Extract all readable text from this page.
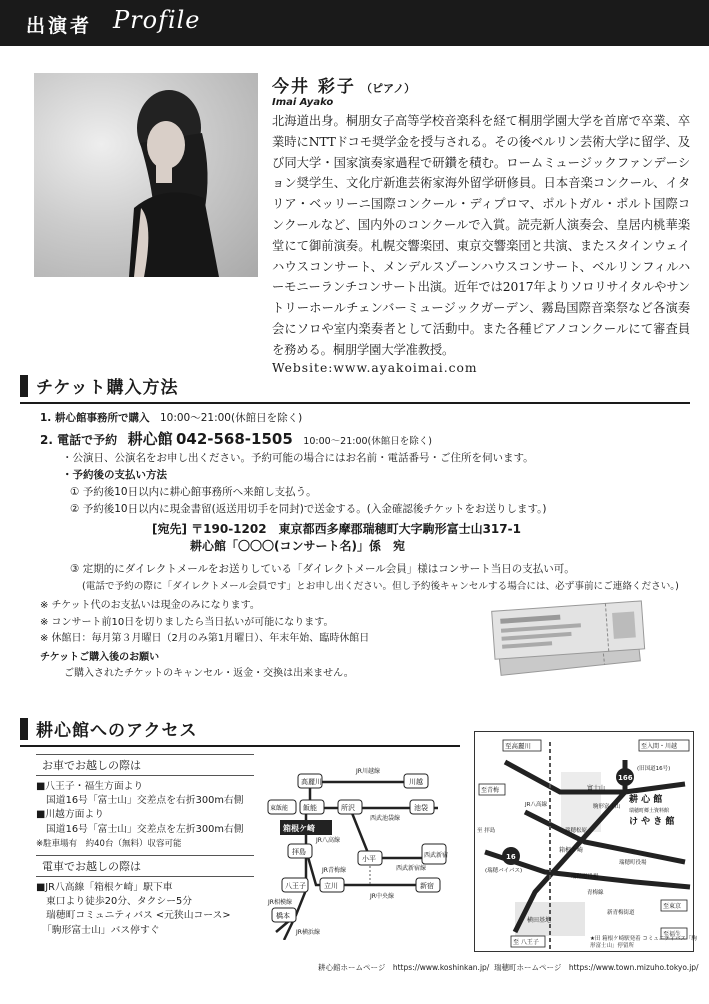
出演者 Profile
今井 彩子 （ピアノ）
Imai Ayako
北海道出身。桐朋女子高等学校音楽科を経て桐朋学園大学を首席で卒業、卒業時にNTTドコモ奨学金を授与される。その後ベルリン芸術大学に留学、及び同大学・国家演奏家過程で研鑽を積む。ロームミュージックファンデーション奨学生、文化庁新進芸術家海外留学研修員。日本音楽コンクール、イタリア・ベッリーニ国際コンクール・ディプロマ、ポルトガル・ポルト国際コンクールなど、国内外のコンクールで入賞。読売新人演奏会、皇居内桃華楽堂にて御前演奏。札幌交響楽団、東京交響楽団と共演、またスタインウェイハウスコンサート、メンデルスゾーンハウスコンサート、ベルリンフィルハーモニーランチコンサート出演。近年では2017年よりソロリサイタルやサントリーホールチェンバーミュージックガーデン、霧島国際音楽祭など各演奏会にソロや室内楽奏者として活動中。また各種ピアノコンクールにて審査員を務める。桐朋学園大学准教授。
Website:www.ayakoimai.com
チケット購入方法
1. 耕心館事務所で購入　 10:00～21:00(休館日を除く)
2. 電話で予約　 耕心館 042-568-1505　 10:00～21:00(休館日を除く)
・公演日、公演名をお申し出ください。予約可能の場合にはお名前・電話番号・ご住所を伺います。
・予約後の支払い方法
① 予約後10日以内に耕心館事務所へ来館し支払う。
② 予約後10日以内に現金書留(返送用切手を同封)で送金する。(入金確認後チケットをお送りします。)
[宛先] 〒190-1202　東京都西多摩郡瑞穂町大字駒形富士山317-1
耕心館「〇〇〇(コンサート名)」係　宛
③ 定期的にダイレクトメールをお送りしている「ダイレクトメール会員」様はコンサート当日の支払い可。
(電話で予約の際に「ダイレクトメール会員です」とお申し出ください。但し予約後キャンセルする場合には、必ず事前にご連絡ください。)
※ チケット代のお支払いは現金のみになります。
※ コンサート前10日を切りましたら当日払いが可能になります。
※ 休館日：毎月第３月曜日（2月のみ第1月曜日）、年末年始、臨時休館日
チケットご購入後のお願い
ご購入されたチケットのキャンセル・返金・交換は出来ません。
耕心館へのアクセス
お車でお越しの際は
■八王子・福生方面より
国道16号「富士山」交差点を右折300m右側
■川越方面より
国道16号「富士山」交差点を左折300m右側
※駐車場有　約40台（無料）収容可能
電車でお越しの際は
■JR八高線「箱根ケ崎」駅下車
東口より徒歩20分、タクシー5分
瑞穂町コミュニティバス <元狭山コース>
「駒形富士山」バス停すぐ
高麗川	川越
東飯能 飯能	所沢	池袋
箱根ケ崎
拝島
小平	西武新宿
八王子	立川	新宿
橋本
JR川越線
JR八高線
西武池袋線
西武新宿線
JR青梅線
JR中央線
JR横浜線
JR相模線
至高麗川	至入間・川越
至青梅
至東京
至福生
至 八王子
至 拝島
166
16
耕 心 館
け や き 館
瑞穂町郷土資料館
(旧国道16号)
富士山
駒形富士山
瑞穂町役場
瑞穂松原
箱根ケ崎
JR八高線
(瑞穂バイパス)
瑞穂町役場
横田基地
青梅線
新青梅街道
★田 箱根ケ崎駅発着 コミュニティバス「駒形富士山」停留所
耕心館ホームページ　https://www.koshinkan.jp/ 瑞穂町ホームページ　https://www.town.mizuho.tokyo.jp/
